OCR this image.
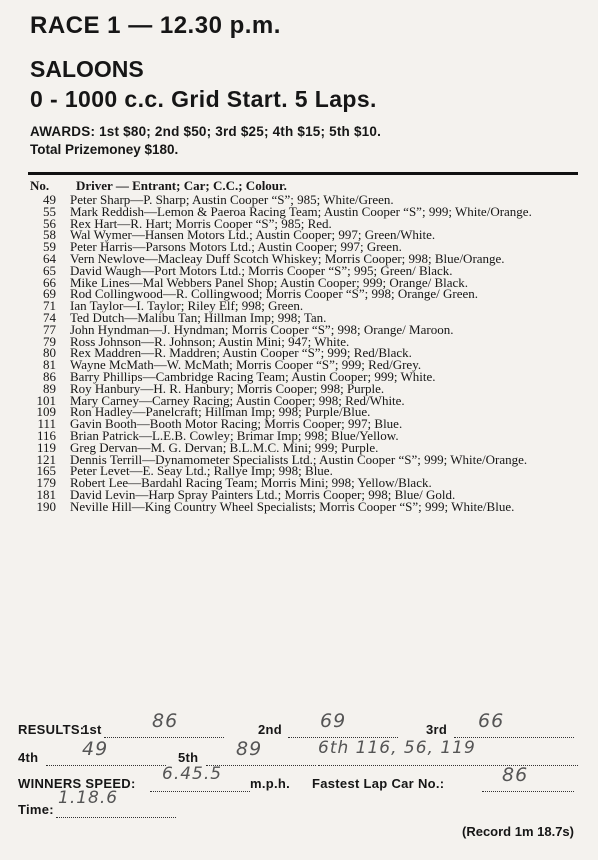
RACE 1 — 12.30 p.m.
SALOONS
0 - 1000 c.c. Grid Start. 5 Laps.
AWARDS: 1st $80; 2nd $50; 3rd $25; 4th $15; 5th $10.
Total Prizemoney $180.
No. Driver — Entrant; Car; C.C.; Colour.
49	Peter Sharp—P. Sharp; Austin Cooper “S”; 985; White/Green.
55	Mark Reddish—Lemon & Paeroa Racing Team; Austin Cooper “S”; 999; White/Orange.
56	Rex Hart—R. Hart; Morris Cooper “S”; 985; Red.
58	Wal Wymer—Hansen Motors Ltd.; Austin Cooper; 997; Green/White.
59	Peter Harris—Parsons Motors Ltd.; Austin Cooper; 997; Green.
64	Vern Newlove—Macleay Duff Scotch Whiskey; Morris Cooper; 998; Blue/Orange.
65	David Waugh—Port Motors Ltd.; Morris Cooper “S”; 995; Green/ Black.
66	Mike Lines—Mal Webbers Panel Shop; Austin Cooper; 999; Orange/ Black.
69	Rod Collingwood—R. Collingwood; Morris Cooper “S”; 998; Orange/ Green.
71	Ian Taylor—I. Taylor; Riley Elf; 998; Green.
74	Ted Dutch—Malibu Tan; Hillman Imp; 998; Tan.
77	John Hyndman—J. Hyndman; Morris Cooper “S”; 998; Orange/ Maroon.
79	Ross Johnson—R. Johnson; Austin Mini; 947; White.
80	Rex Maddren—R. Maddren; Austin Cooper “S”; 999; Red/Black.
81	Wayne McMath—W. McMath; Morris Cooper “S”; 999; Red/Grey.
86	Barry Phillips—Cambridge Racing Team; Austin Cooper; 999; White.
89	Roy Hanbury—H. R. Hanbury; Morris Cooper; 998; Purple.
101	Mary Carney—Carney Racing; Austin Cooper; 998; Red/White.
109	Ron Hadley—Panelcraft; Hillman Imp; 998; Purple/Blue.
111	Gavin Booth—Booth Motor Racing; Morris Cooper; 997; Blue.
116	Brian Patrick—L.E.B. Cowley; Brimar Imp; 998; Blue/Yellow.
119	Greg Dervan—M. G. Dervan; B.L.M.C. Mini; 999; Purple.
121	Dennis Terrill—Dynamometer Specialists Ltd.; Austin Cooper “S”; 999; White/Orange.
165	Peter Levet—E. Seay Ltd.; Rallye Imp; 998; Blue.
179	Robert Lee—Bardahl Racing Team; Morris Mini; 998; Yellow/Black.
181	David Levin—Harp Spray Painters Ltd.; Morris Cooper; 998; Blue/ Gold.
190	Neville Hill—King Country Wheel Specialists; Morris Cooper “S”; 999; White/Blue.
RESULTS:
1st	86	2nd 69	3rd 66
4th 49	5th 89	6th 116, 56, 119
WINNERS SPEED: 6.45.5 m.p.h. Fastest Lap Car No.:	86
Time:
1.18.6
(Record 1m 18.7s)
